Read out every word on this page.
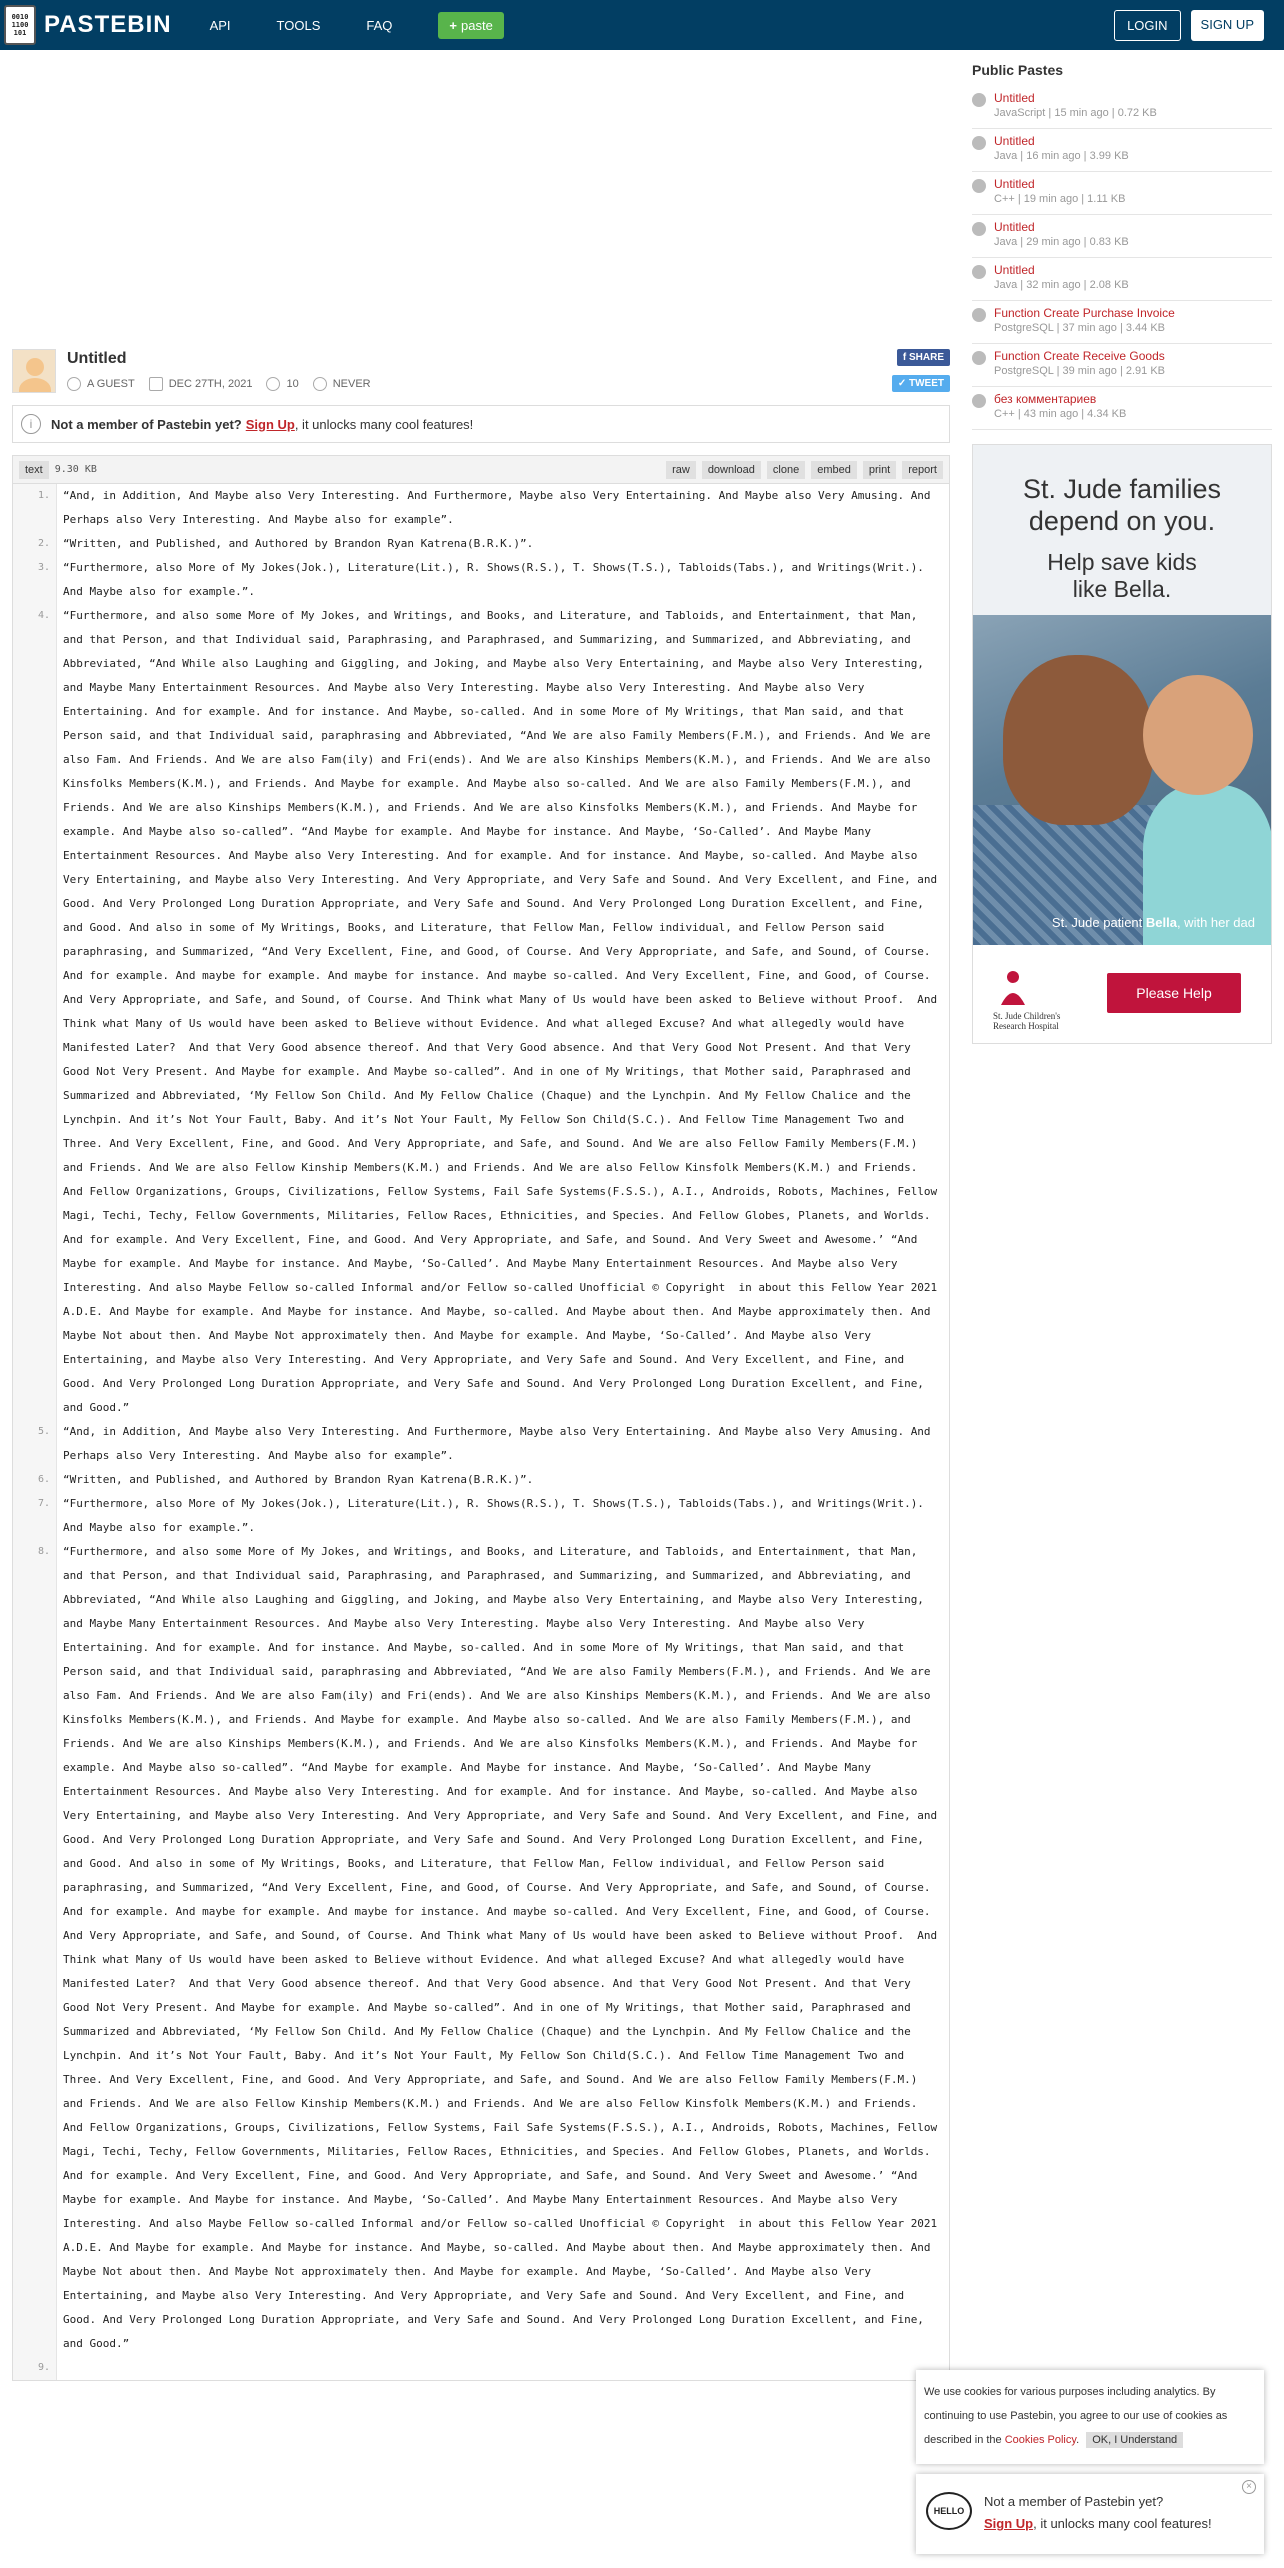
0010
1100
101 PASTEBIN	API	TOOLS	FAQ	+ paste	LOGIN	SIGN UP
Untitled
A GUEST	DEC 27TH, 2021	10	NEVER
f SHARE
✓ TWEET
i	Not a member of Pastebin yet? Sign Up , it unlocks many cool features!
text	9.30 KB	raw	download	clone	embed	print	report
1.	“And, in Addition, And Maybe also Very Interesting. And Furthermore, Maybe also Very Entertaining. And Maybe also Very Amusing. And Perhaps also Very Interesting. And Maybe also for example”.
2.	“Written, and Published, and Authored by Brandon Ryan Katrena(B.R.K.)”.
3.	“Furthermore, also More of My Jokes(Jok.), Literature(Lit.), R. Shows(R.S.), T. Shows(T.S.), Tabloids(Tabs.), and Writings(Writ.). And Maybe also for example.”.
4.	“Furthermore, and also some More of My Jokes, and Writings, and Books, and Literature, and Tabloids, and Entertainment, that Man, and that Person, and that Individual said, Paraphrasing, and Paraphrased, and Summarizing, and Summarized, and Abbreviating, and Abbreviated, “And While also Laughing and Giggling, and Joking, and Maybe also Very Entertaining, and Maybe also Very Interesting, and Maybe Many Entertainment Resources. And Maybe also Very Interesting. Maybe also Very Interesting. And Maybe also Very Entertaining. And for example. And for instance. And Maybe, so-called. And in some More of My Writings, that Man said, and that Person said, and that Individual said, paraphrasing and Abbreviated, “And We are also Family Members(F.M.), and Friends. And We are also Fam. And Friends. And We are also Fam(ily) and Fri(ends). And We are also Kinships Members(K.M.), and Friends. And We are also Kinsfolks Members(K.M.), and Friends. And Maybe for example. And Maybe also so-called. And We are also Family Members(F.M.), and Friends. And We are also Kinships Members(K.M.), and Friends. And We are also Kinsfolks Members(K.M.), and Friends. And Maybe for example. And Maybe also so-called”. “And Maybe for example. And Maybe for instance. And Maybe, ‘So-Called’. And Maybe Many Entertainment Resources. And Maybe also Very Interesting. And for example. And for instance. And Maybe, so-called. And Maybe also Very Entertaining, and Maybe also Very Interesting. And Very Appropriate, and Very Safe and Sound. And Very Excellent, and Fine, and Good. And Very Prolonged Long Duration Appropriate, and Very Safe and Sound. And Very Prolonged Long Duration Excellent, and Fine, and Good. And also in some of My Writings, Books, and Literature, that Fellow Man, Fellow individual, and Fellow Person said paraphrasing, and Summarized, “And Very Excellent, Fine, and Good, of Course. And Very Appropriate, and Safe, and Sound, of Course. And for example. And maybe for example. And maybe for instance. And maybe so-called. And Very Excellent, Fine, and Good, of Course. And Very Appropriate, and Safe, and Sound, of Course. And Think what Many of Us would have been asked to Believe without Proof.  And Think what Many of Us would have been asked to Believe without Evidence. And what alleged Excuse? And what allegedly would have Manifested Later?  And that Very Good absence thereof. And that Very Good absence. And that Very Good Not Present. And that Very Good Not Very Present. And Maybe for example. And Maybe so-called”. And in one of My Writings, that Mother said, Paraphrased and Summarized and Abbreviated, ‘My Fellow Son Child. And My Fellow Chalice (Chaque) and the Lynchpin. And My Fellow Chalice and the Lynchpin. And it’s Not Your Fault, Baby. And it’s Not Your Fault, My Fellow Son Child(S.C.). And Fellow Time Management Two and Three. And Very Excellent, Fine, and Good. And Very Appropriate, and Safe, and Sound. And We are also Fellow Family Members(F.M.) and Friends. And We are also Fellow Kinship Members(K.M.) and Friends. And We are also Fellow Kinsfolk Members(K.M.) and Friends. And Fellow Organizations, Groups, Civilizations, Fellow Systems, Fail Safe Systems(F.S.S.), A.I., Androids, Robots, Machines, Fellow Magi, Techi, Techy, Fellow Governments, Militaries, Fellow Races, Ethnicities, and Species. And Fellow Globes, Planets, and Worlds. And for example. And Very Excellent, Fine, and Good. And Very Appropriate, and Safe, and Sound. And Very Sweet and Awesome.’ “And Maybe for example. And Maybe for instance. And Maybe, ‘So-Called’. And Maybe Many Entertainment Resources. And Maybe also Very Interesting. And also Maybe Fellow so-called Informal and/or Fellow so-called Unofficial © Copyright  in about this Fellow Year 2021 A.D.E. And Maybe for example. And Maybe for instance. And Maybe, so-called. And Maybe about then. And Maybe approximately then. And Maybe Not about then. And Maybe Not approximately then. And Maybe for example. And Maybe, ‘So-Called’. And Maybe also Very Entertaining, and Maybe also Very Interesting. And Very Appropriate, and Very Safe and Sound. And Very Excellent, and Fine, and Good. And Very Prolonged Long Duration Appropriate, and Very Safe and Sound. And Very Prolonged Long Duration Excellent, and Fine, and Good.”
5.	“And, in Addition, And Maybe also Very Interesting. And Furthermore, Maybe also Very Entertaining. And Maybe also Very Amusing. And Perhaps also Very Interesting. And Maybe also for example”.
6.	“Written, and Published, and Authored by Brandon Ryan Katrena(B.R.K.)”.
7.	“Furthermore, also More of My Jokes(Jok.), Literature(Lit.), R. Shows(R.S.), T. Shows(T.S.), Tabloids(Tabs.), and Writings(Writ.). And Maybe also for example.”.
8.	“Furthermore, and also some More of My Jokes, and Writings, and Books, and Literature, and Tabloids, and Entertainment, that Man, and that Person, and that Individual said, Paraphrasing, and Paraphrased, and Summarizing, and Summarized, and Abbreviating, and Abbreviated, “And While also Laughing and Giggling, and Joking, and Maybe also Very Entertaining, and Maybe also Very Interesting, and Maybe Many Entertainment Resources. And Maybe also Very Interesting. Maybe also Very Interesting. And Maybe also Very Entertaining. And for example. And for instance. And Maybe, so-called. And in some More of My Writings, that Man said, and that Person said, and that Individual said, paraphrasing and Abbreviated, “And We are also Family Members(F.M.), and Friends. And We are also Fam. And Friends. And We are also Fam(ily) and Fri(ends). And We are also Kinships Members(K.M.), and Friends. And We are also Kinsfolks Members(K.M.), and Friends. And Maybe for example. And Maybe also so-called. And We are also Family Members(F.M.), and Friends. And We are also Kinships Members(K.M.), and Friends. And We are also Kinsfolks Members(K.M.), and Friends. And Maybe for example. And Maybe also so-called”. “And Maybe for example. And Maybe for instance. And Maybe, ‘So-Called’. And Maybe Many Entertainment Resources. And Maybe also Very Interesting. And for example. And for instance. And Maybe, so-called. And Maybe also Very Entertaining, and Maybe also Very Interesting. And Very Appropriate, and Very Safe and Sound. And Very Excellent, and Fine, and Good. And Very Prolonged Long Duration Appropriate, and Very Safe and Sound. And Very Prolonged Long Duration Excellent, and Fine, and Good. And also in some of My Writings, Books, and Literature, that Fellow Man, Fellow individual, and Fellow Person said paraphrasing, and Summarized, “And Very Excellent, Fine, and Good, of Course. And Very Appropriate, and Safe, and Sound, of Course. And for example. And maybe for example. And maybe for instance. And maybe so-called. And Very Excellent, Fine, and Good, of Course. And Very Appropriate, and Safe, and Sound, of Course. And Think what Many of Us would have been asked to Believe without Proof.  And Think what Many of Us would have been asked to Believe without Evidence. And what alleged Excuse? And what allegedly would have Manifested Later?  And that Very Good absence thereof. And that Very Good absence. And that Very Good Not Present. And that Very Good Not Very Present. And Maybe for example. And Maybe so-called”. And in one of My Writings, that Mother said, Paraphrased and Summarized and Abbreviated, ‘My Fellow Son Child. And My Fellow Chalice (Chaque) and the Lynchpin. And My Fellow Chalice and the Lynchpin. And it’s Not Your Fault, Baby. And it’s Not Your Fault, My Fellow Son Child(S.C.). And Fellow Time Management Two and Three. And Very Excellent, Fine, and Good. And Very Appropriate, and Safe, and Sound. And We are also Fellow Family Members(F.M.) and Friends. And We are also Fellow Kinship Members(K.M.) and Friends. And We are also Fellow Kinsfolk Members(K.M.) and Friends. And Fellow Organizations, Groups, Civilizations, Fellow Systems, Fail Safe Systems(F.S.S.), A.I., Androids, Robots, Machines, Fellow Magi, Techi, Techy, Fellow Governments, Militaries, Fellow Races, Ethnicities, and Species. And Fellow Globes, Planets, and Worlds. And for example. And Very Excellent, Fine, and Good. And Very Appropriate, and Safe, and Sound. And Very Sweet and Awesome.’ “And Maybe for example. And Maybe for instance. And Maybe, ‘So-Called’. And Maybe Many Entertainment Resources. And Maybe also Very Interesting. And also Maybe Fellow so-called Informal and/or Fellow so-called Unofficial © Copyright  in about this Fellow Year 2021 A.D.E. And Maybe for example. And Maybe for instance. And Maybe, so-called. And Maybe about then. And Maybe approximately then. And Maybe Not about then. And Maybe Not approximately then. And Maybe for example. And Maybe, ‘So-Called’. And Maybe also Very Entertaining, and Maybe also Very Interesting. And Very Appropriate, and Very Safe and Sound. And Very Excellent, and Fine, and Good. And Very Prolonged Long Duration Appropriate, and Very Safe and Sound. And Very Prolonged Long Duration Excellent, and Fine, and Good.”
9.
Public Pastes
Untitled
JavaScript | 15 min ago | 0.72 KB
Untitled
Java | 16 min ago | 3.99 KB
Untitled
C++ | 19 min ago | 1.11 KB
Untitled
Java | 29 min ago | 0.83 KB
Untitled
Java | 32 min ago | 2.08 KB
Function Create Purchase Invoice
PostgreSQL | 37 min ago | 3.44 KB
Function Create Receive Goods
PostgreSQL | 39 min ago | 2.91 KB
без комментариев
C++ | 43 min ago | 4.34 KB
St. Jude families
depend on you.
Help save kids
like Bella.
St. Jude patient Bella, with her dad
St. Jude Children's
Research Hospital
Please Help
We use cookies for various purposes including analytics. By continuing to use Pastebin, you agree to our use of cookies as described in the Cookies Policy. OK, I Understand
HELLO
Not a member of Pastebin yet?
Sign Up, it unlocks many cool features!
×
